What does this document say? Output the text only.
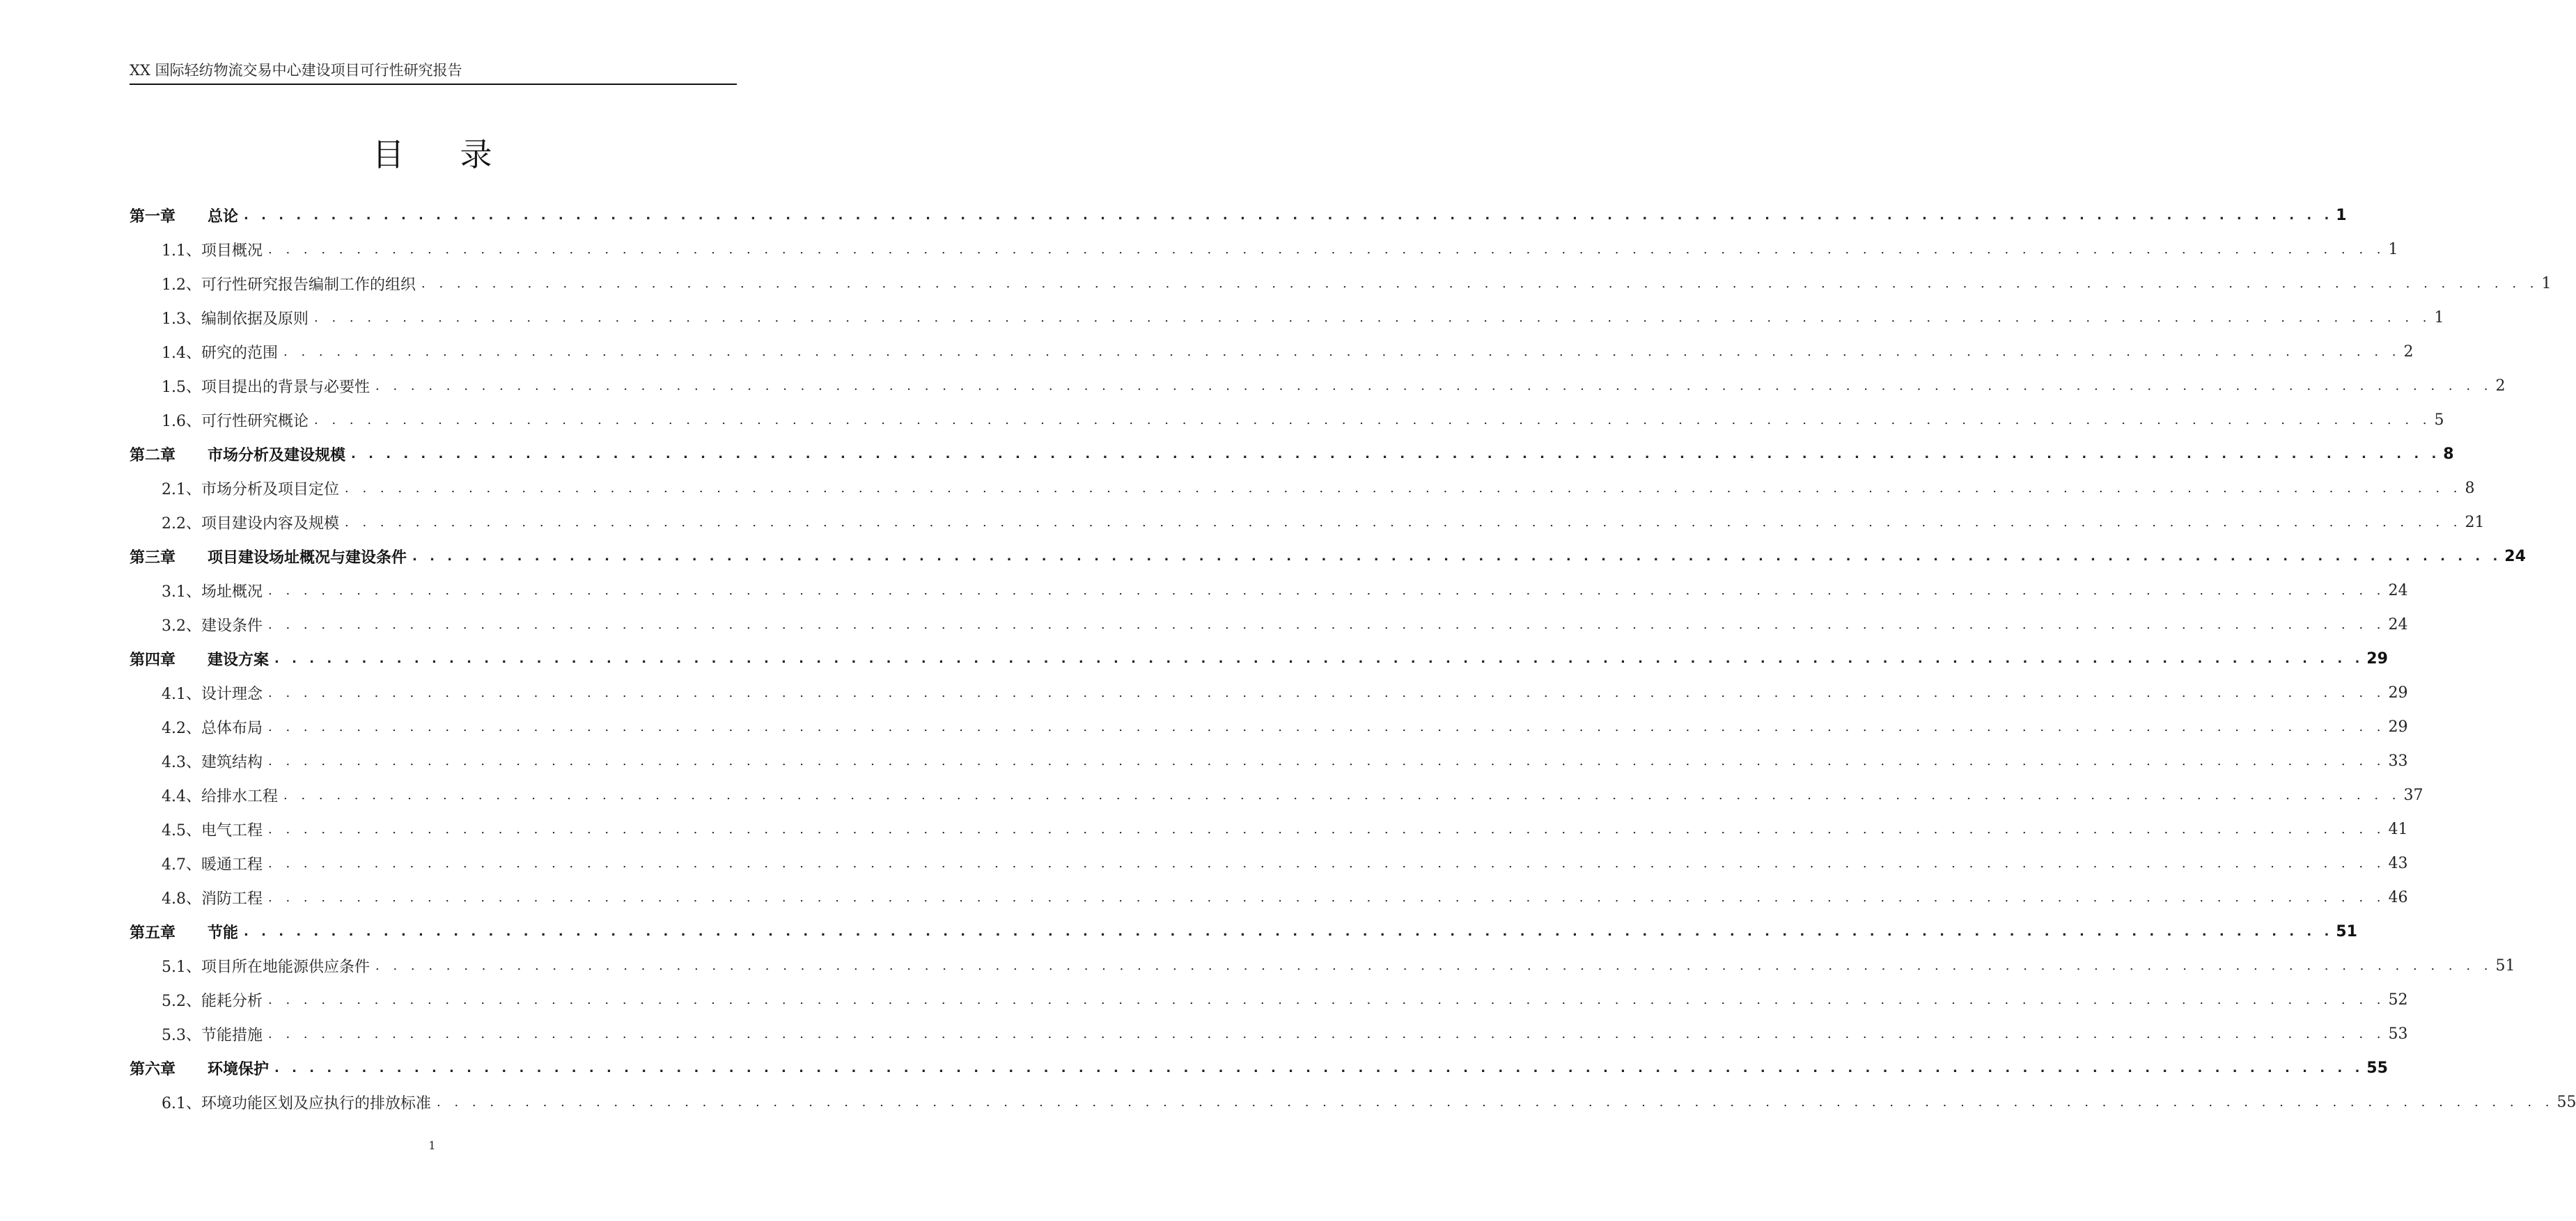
XX 国际轻纺物流交易中心建设项目可行性研究报告
目 录
第一章 总论 . . . . . . . . . . . . . . . . . . . . . . . . . . . . . . . . . . . . . . . . . . . . . . . . . . . . . . . . . . . . . . . . . . . . . . . . . . . . . . . . . . . . . . . . . . . . . . . . . . . . . . . . . . . . . . . . . . . . . . . . 1
1.1、项目概况 . . . . . . . . . . . . . . . . . . . . . . . . . . . . . . . . . . . . . . . . . . . . . . . . . . . . . . . . . . . . . . . . . . . . . . . . . . . . . . . . . . . . . . . . . . . . . . . . . . . . . . . . . . . . . . . . . . . . . . . . 1
1.2、可行性研究报告编制工作的组织 . . . . . . . . . . . . . . . . . . . . . . . . . . . . . . . . . . . . . . . . . . . . . . . . . . . . . . . . . . . . . . . . . . . . . . . . . . . . . . . . . . . . . . . . . . . . . . . . . . . . . . . . . . . . . . . . . . . . . . . . 1
1.3、编制依据及原则 . . . . . . . . . . . . . . . . . . . . . . . . . . . . . . . . . . . . . . . . . . . . . . . . . . . . . . . . . . . . . . . . . . . . . . . . . . . . . . . . . . . . . . . . . . . . . . . . . . . . . . . . . . . . . . . . . . . . . . . . 1
1.4、研究的范围 . . . . . . . . . . . . . . . . . . . . . . . . . . . . . . . . . . . . . . . . . . . . . . . . . . . . . . . . . . . . . . . . . . . . . . . . . . . . . . . . . . . . . . . . . . . . . . . . . . . . . . . . . . . . . . . . . . . . . . . . 2
1.5、项目提出的背景与必要性 . . . . . . . . . . . . . . . . . . . . . . . . . . . . . . . . . . . . . . . . . . . . . . . . . . . . . . . . . . . . . . . . . . . . . . . . . . . . . . . . . . . . . . . . . . . . . . . . . . . . . . . . . . . . . . . . . . . . . . . . 2
1.6、可行性研究概论 . . . . . . . . . . . . . . . . . . . . . . . . . . . . . . . . . . . . . . . . . . . . . . . . . . . . . . . . . . . . . . . . . . . . . . . . . . . . . . . . . . . . . . . . . . . . . . . . . . . . . . . . . . . . . . . . . . . . . . . . 5
第二章 市场分析及建设规模 . . . . . . . . . . . . . . . . . . . . . . . . . . . . . . . . . . . . . . . . . . . . . . . . . . . . . . . . . . . . . . . . . . . . . . . . . . . . . . . . . . . . . . . . . . . . . . . . . . . . . . . . . . . . . . . . . . . . . . . . 8
2.1、市场分析及项目定位 . . . . . . . . . . . . . . . . . . . . . . . . . . . . . . . . . . . . . . . . . . . . . . . . . . . . . . . . . . . . . . . . . . . . . . . . . . . . . . . . . . . . . . . . . . . . . . . . . . . . . . . . . . . . . . . . . . . . . . . . 8
2.2、项目建设内容及规模 . . . . . . . . . . . . . . . . . . . . . . . . . . . . . . . . . . . . . . . . . . . . . . . . . . . . . . . . . . . . . . . . . . . . . . . . . . . . . . . . . . . . . . . . . . . . . . . . . . . . . . . . . . . . . . . . . . . . . . . . 21
第三章 项目建设场址概况与建设条件 . . . . . . . . . . . . . . . . . . . . . . . . . . . . . . . . . . . . . . . . . . . . . . . . . . . . . . . . . . . . . . . . . . . . . . . . . . . . . . . . . . . . . . . . . . . . . . . . . . . . . . . . . . . . . . . . . . . . . . . . 24
3.1、场址概况 . . . . . . . . . . . . . . . . . . . . . . . . . . . . . . . . . . . . . . . . . . . . . . . . . . . . . . . . . . . . . . . . . . . . . . . . . . . . . . . . . . . . . . . . . . . . . . . . . . . . . . . . . . . . . . . . . . . . . . . . 24
3.2、建设条件 . . . . . . . . . . . . . . . . . . . . . . . . . . . . . . . . . . . . . . . . . . . . . . . . . . . . . . . . . . . . . . . . . . . . . . . . . . . . . . . . . . . . . . . . . . . . . . . . . . . . . . . . . . . . . . . . . . . . . . . . 24
第四章 建设方案 . . . . . . . . . . . . . . . . . . . . . . . . . . . . . . . . . . . . . . . . . . . . . . . . . . . . . . . . . . . . . . . . . . . . . . . . . . . . . . . . . . . . . . . . . . . . . . . . . . . . . . . . . . . . . . . . . . . . . . . . 29
4.1、设计理念 . . . . . . . . . . . . . . . . . . . . . . . . . . . . . . . . . . . . . . . . . . . . . . . . . . . . . . . . . . . . . . . . . . . . . . . . . . . . . . . . . . . . . . . . . . . . . . . . . . . . . . . . . . . . . . . . . . . . . . . . 29
4.2、总体布局 . . . . . . . . . . . . . . . . . . . . . . . . . . . . . . . . . . . . . . . . . . . . . . . . . . . . . . . . . . . . . . . . . . . . . . . . . . . . . . . . . . . . . . . . . . . . . . . . . . . . . . . . . . . . . . . . . . . . . . . . 29
4.3、建筑结构 . . . . . . . . . . . . . . . . . . . . . . . . . . . . . . . . . . . . . . . . . . . . . . . . . . . . . . . . . . . . . . . . . . . . . . . . . . . . . . . . . . . . . . . . . . . . . . . . . . . . . . . . . . . . . . . . . . . . . . . . 33
4.4、给排水工程 . . . . . . . . . . . . . . . . . . . . . . . . . . . . . . . . . . . . . . . . . . . . . . . . . . . . . . . . . . . . . . . . . . . . . . . . . . . . . . . . . . . . . . . . . . . . . . . . . . . . . . . . . . . . . . . . . . . . . . . . 37
4.5、电气工程 . . . . . . . . . . . . . . . . . . . . . . . . . . . . . . . . . . . . . . . . . . . . . . . . . . . . . . . . . . . . . . . . . . . . . . . . . . . . . . . . . . . . . . . . . . . . . . . . . . . . . . . . . . . . . . . . . . . . . . . . 41
4.7、暖通工程 . . . . . . . . . . . . . . . . . . . . . . . . . . . . . . . . . . . . . . . . . . . . . . . . . . . . . . . . . . . . . . . . . . . . . . . . . . . . . . . . . . . . . . . . . . . . . . . . . . . . . . . . . . . . . . . . . . . . . . . . 43
4.8、消防工程 . . . . . . . . . . . . . . . . . . . . . . . . . . . . . . . . . . . . . . . . . . . . . . . . . . . . . . . . . . . . . . . . . . . . . . . . . . . . . . . . . . . . . . . . . . . . . . . . . . . . . . . . . . . . . . . . . . . . . . . . 46
第五章 节能 . . . . . . . . . . . . . . . . . . . . . . . . . . . . . . . . . . . . . . . . . . . . . . . . . . . . . . . . . . . . . . . . . . . . . . . . . . . . . . . . . . . . . . . . . . . . . . . . . . . . . . . . . . . . . . . . . . . . . . . . 51
5.1、项目所在地能源供应条件 . . . . . . . . . . . . . . . . . . . . . . . . . . . . . . . . . . . . . . . . . . . . . . . . . . . . . . . . . . . . . . . . . . . . . . . . . . . . . . . . . . . . . . . . . . . . . . . . . . . . . . . . . . . . . . . . . . . . . . . . 51
5.2、能耗分析 . . . . . . . . . . . . . . . . . . . . . . . . . . . . . . . . . . . . . . . . . . . . . . . . . . . . . . . . . . . . . . . . . . . . . . . . . . . . . . . . . . . . . . . . . . . . . . . . . . . . . . . . . . . . . . . . . . . . . . . . 52
5.3、节能措施 . . . . . . . . . . . . . . . . . . . . . . . . . . . . . . . . . . . . . . . . . . . . . . . . . . . . . . . . . . . . . . . . . . . . . . . . . . . . . . . . . . . . . . . . . . . . . . . . . . . . . . . . . . . . . . . . . . . . . . . . 53
第六章 环境保护 . . . . . . . . . . . . . . . . . . . . . . . . . . . . . . . . . . . . . . . . . . . . . . . . . . . . . . . . . . . . . . . . . . . . . . . . . . . . . . . . . . . . . . . . . . . . . . . . . . . . . . . . . . . . . . . . . . . . . . . . 55
6.1、环境功能区划及应执行的排放标准 . . . . . . . . . . . . . . . . . . . . . . . . . . . . . . . . . . . . . . . . . . . . . . . . . . . . . . . . . . . . . . . . . . . . . . . . . . . . . . . . . . . . . . . . . . . . . . . . . . . . . . . . . . . . . . . . . . . . . . . . 55
1
